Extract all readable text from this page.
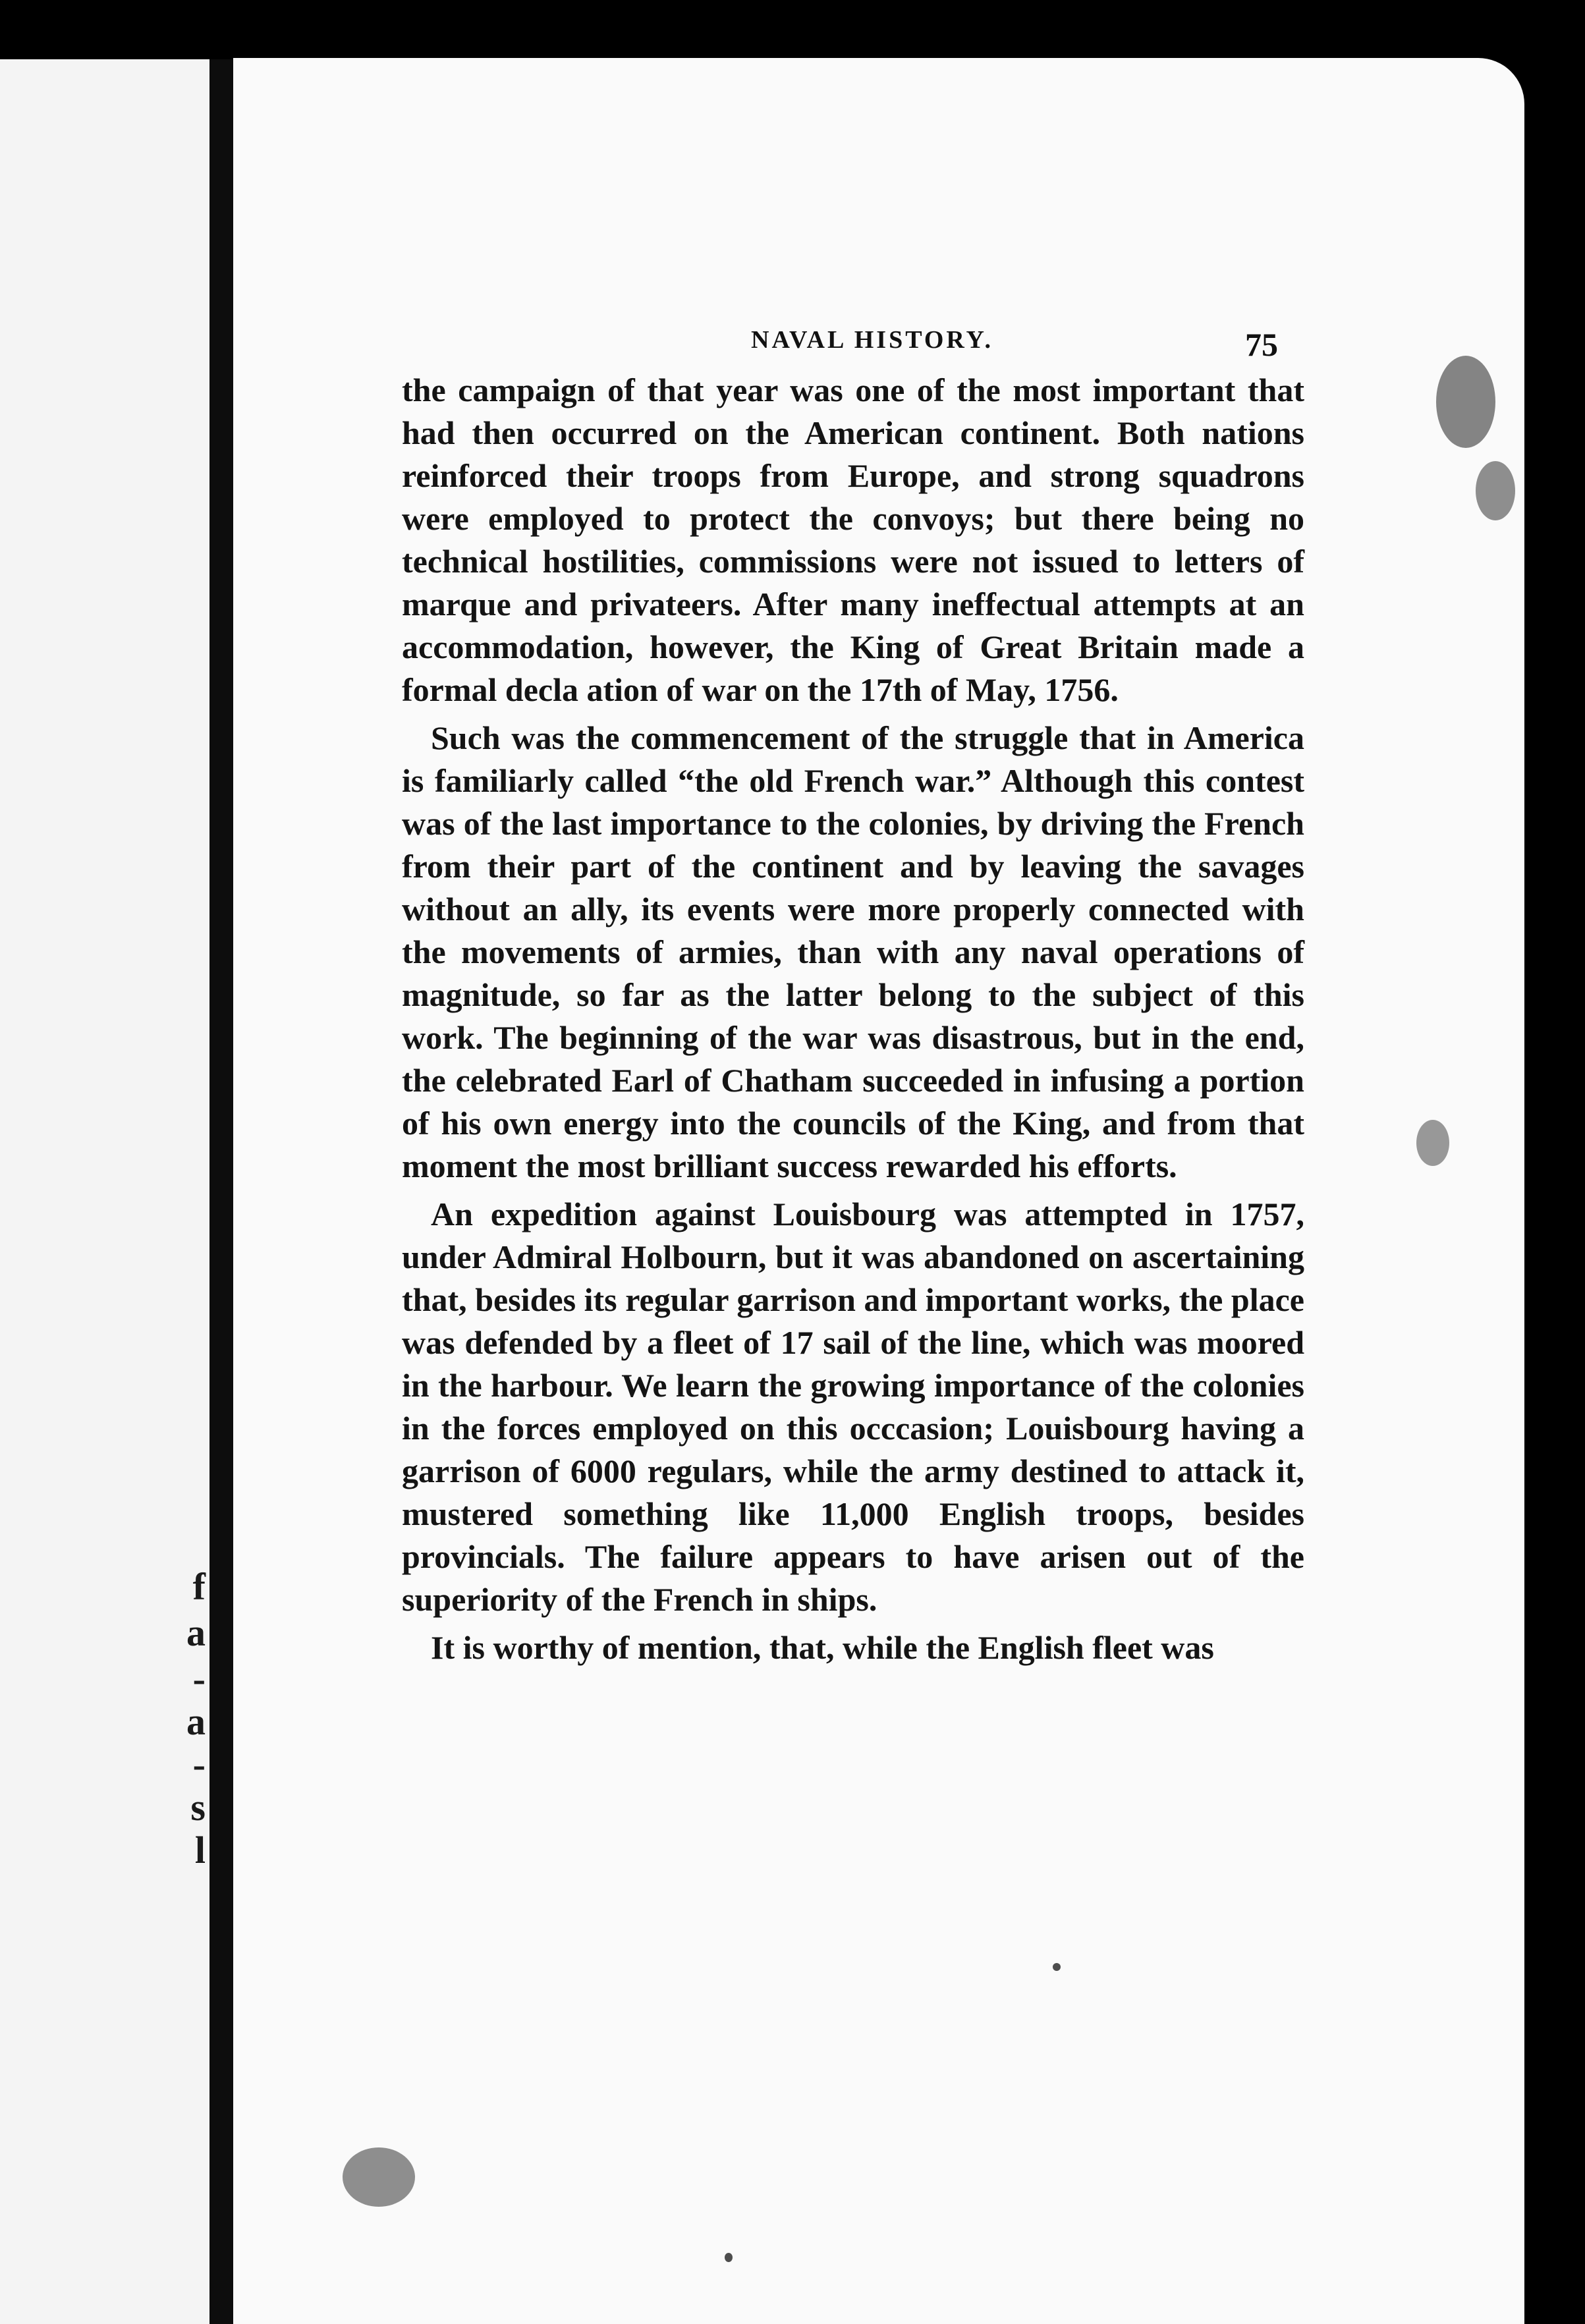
f
a
-
a
-
s
l
NAVAL HISTORY.	75

the campaign of that year was one of the most important that had then occurred on the American continent. Both nations reinforced their troops from Europe, and strong squadrons were employed to protect the convoys; but there being no technical hostilities, commissions were not issued to letters of marque and privateers. After many ineffectual attempts at an accommodation, however, the King of Great Britain made a formal decla ation of war on the 17th of May, 1756.

Such was the commencement of the struggle that in America is familiarly called “the old French war.” Although this contest was of the last importance to the colonies, by driving the French from their part of the continent and by leaving the savages without an ally, its events were more properly connected with the movements of armies, than with any naval operations of magnitude, so far as the latter belong to the subject of this work. The beginning of the war was disastrous, but in the end, the celebrated Earl of Chatham succeeded in infusing a portion of his own energy into the councils of the King, and from that moment the most brilliant success rewarded his efforts.

An expedition against Louisbourg was attempted in 1757, under Admiral Holbourn, but it was abandoned on ascertaining that, besides its regular garrison and important works, the place was defended by a fleet of 17 sail of the line, which was moored in the harbour. We learn the growing importance of the colonies in the forces employed on this occcasion; Louisbourg having a garrison of 6000 regulars, while the army destined to attack it, mustered something like 11,000 English troops, besides provincials. The failure appears to have arisen out of the superiority of the French in ships.

It is worthy of mention, that, while the English fleet was
